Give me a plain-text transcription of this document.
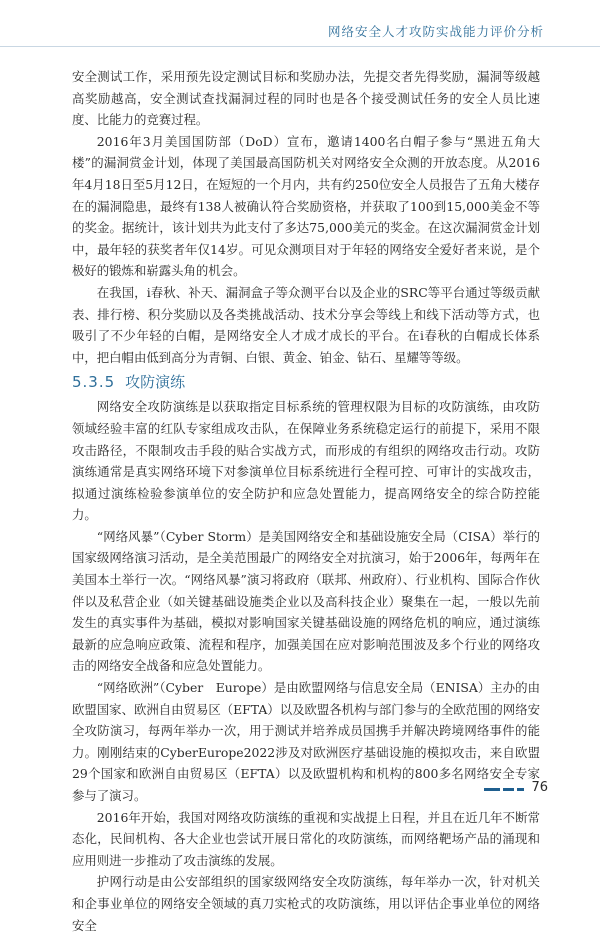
网络安全人才攻防实战能力评价分析

安全测试工作，采用预先设定测试目标和奖励办法，先提交者先得奖励，漏洞等级越高奖励越高，安全测试查找漏洞过程的同时也是各个接受测试任务的安全人员比速度、比能力的竞赛过程。

2016年3月美国国防部（DoD）宣布，邀请1400名白帽子参与“黑进五角大楼”的漏洞赏金计划，体现了美国最高国防机关对网络安全众测的开放态度。从2016年4月18日至5月12日，在短短的一个月内，共有约250位安全人员报告了五角大楼存在的漏洞隐患，最终有138人被确认符合奖励资格，并获取了100到15,000美金不等的奖金。据统计，该计划共为此支付了多达75,000美元的奖金。在这次漏洞赏金计划中，最年轻的获奖者年仅14岁。可见众测项目对于年轻的网络安全爱好者来说，是个极好的锻炼和崭露头角的机会。

在我国，i春秋、补天、漏洞盒子等众测平台以及企业的SRC等平台通过等级贡献表、排行榜、积分奖励以及各类挑战活动、技术分享会等线上和线下活动等方式，也吸引了不少年轻的白帽，是网络安全人才成才成长的平台。在i春秋的白帽成长体系中，把白帽由低到高分为青铜、白银、黄金、铂金、钻石、星耀等等级。

5.3.5 攻防演练

网络安全攻防演练是以获取指定目标系统的管理权限为目标的攻防演练，由攻防领域经验丰富的红队专家组成攻击队，在保障业务系统稳定运行的前提下，采用不限攻击路径，不限制攻击手段的贴合实战方式，而形成的有组织的网络攻击行动。攻防演练通常是真实网络环境下对参演单位目标系统进行全程可控、可审计的实战攻击，拟通过演练检验参演单位的安全防护和应急处置能力，提高网络安全的综合防控能力。

“网络风暴”（Cyber Storm）是美国网络安全和基础设施安全局（CISA）举行的国家级网络演习活动，是全美范围最广的网络安全对抗演习，始于2006年，每两年在美国本土举行一次。“网络风暴”演习将政府（联邦、州政府）、行业机构、国际合作伙伴以及私营企业（如关键基础设施类企业以及高科技企业）聚集在一起，一般以先前发生的真实事件为基础，模拟对影响国家关键基础设施的网络危机的响应，通过演练最新的应急响应政策、流程和程序，加强美国在应对影响范围波及多个行业的网络攻击的网络安全战备和应急处置能力。

“网络欧洲”（Cyber　Europe）是由欧盟网络与信息安全局（ENISA）主办的由欧盟国家、欧洲自由贸易区（EFTA）以及欧盟各机构与部门参与的全欧范围的网络安全攻防演习，每两年举办一次，用于测试并培养成员国携手并解决跨境网络事件的能力。刚刚结束的CyberEurope2022涉及对欧洲医疗基础设施的模拟攻击，来自欧盟29个国家和欧洲自由贸易区（EFTA）以及欧盟机构和机构的800多名网络安全专家参与了演习。

2016年开始，我国对网络攻防演练的重视和实战提上日程，并且在近几年不断常态化，民间机构、各大企业也尝试开展日常化的攻防演练，而网络靶场产品的涌现和应用则进一步推动了攻击演练的发展。

护网行动是由公安部组织的国家级网络安全攻防演练，每年举办一次，针对机关和企事业单位的网络安全领域的真刀实枪式的攻防演练，用以评估企事业单位的网络安全

76
